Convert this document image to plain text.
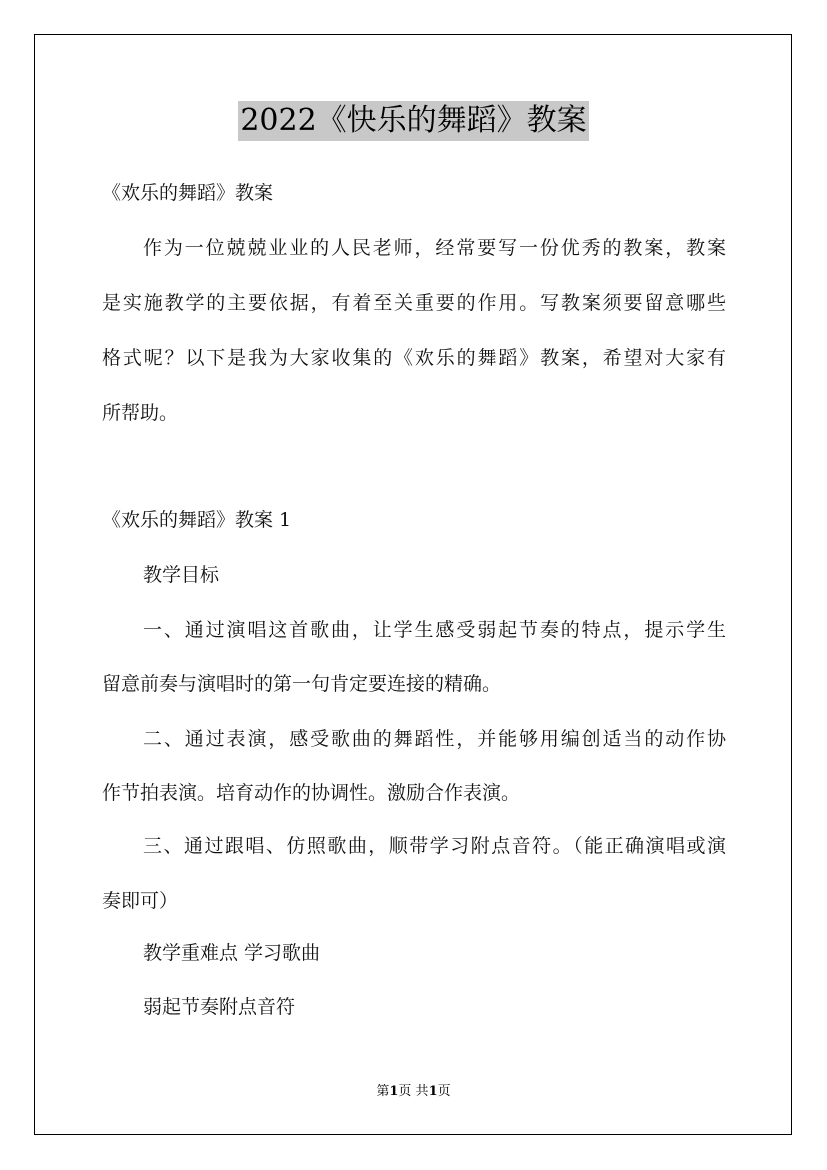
2022《快乐的舞蹈》教案
《欢乐的舞蹈》教案
作为一位兢兢业业的人民老师，经常要写一份优秀的教案，教案
是实施教学的主要依据，有着至关重要的作用。写教案须要留意哪些
格式呢？以下是我为大家收集的《欢乐的舞蹈》教案，希望对大家有
所帮助。
《欢乐的舞蹈》教案 1
教学目标
一、通过演唱这首歌曲，让学生感受弱起节奏的特点，提示学生
留意前奏与演唱时的第一句肯定要连接的精确。
二、通过表演，感受歌曲的舞蹈性，并能够用编创适当的动作协
作节拍表演。培育动作的协调性。激励合作表演。
三、通过跟唱、仿照歌曲，顺带学习附点音符。（能正确演唱或演
奏即可）
教学重难点 学习歌曲
弱起节奏附点音符
第1页 共1页
